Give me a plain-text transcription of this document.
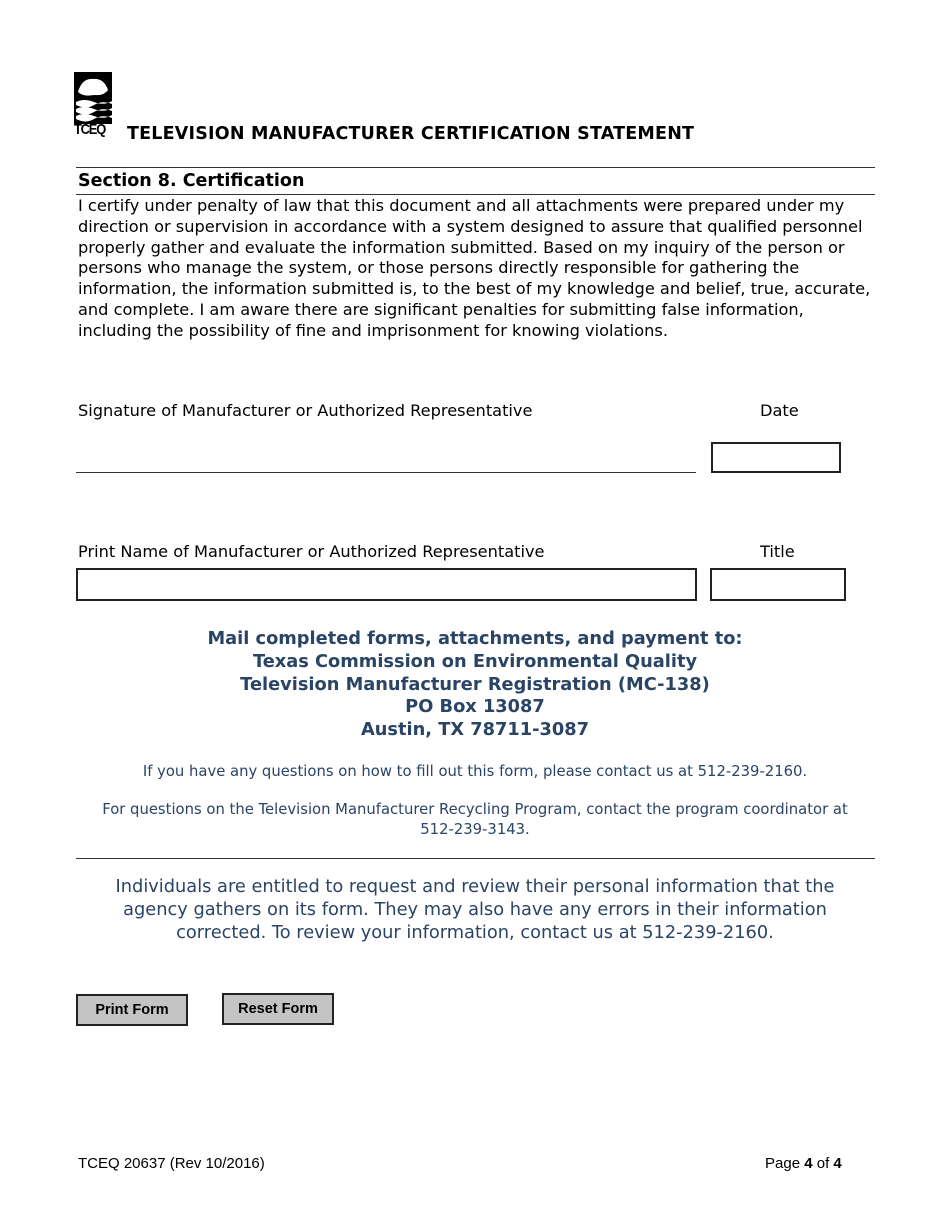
TCEQ TELEVISION MANUFACTURER CERTIFICATION STATEMENT
Section 8. Certification
I certify under penalty of law that this document and all attachments were prepared under my direction or supervision in accordance with a system designed to assure that qualified personnel properly gather and evaluate the information submitted. Based on my inquiry of the person or persons who manage the system, or those persons directly responsible for gathering the information, the information submitted is, to the best of my knowledge and belief, true, accurate, and complete. I am aware there are significant penalties for submitting false information, including the possibility of fine and imprisonment for knowing violations.
Signature of Manufacturer or Authorized Representative	Date
Print Name of Manufacturer or Authorized Representative	Title
Mail completed forms, attachments, and payment to:
Texas Commission on Environmental Quality
Television Manufacturer Registration (MC-138)
PO Box 13087
Austin, TX 78711-3087
If you have any questions on how to fill out this form, please contact us at 512-239-2160.
For questions on the Television Manufacturer Recycling Program, contact the program coordinator at
512-239-3143.
Individuals are entitled to request and review their personal information that the
agency gathers on its form. They may also have any errors in their information
corrected. To review your information, contact us at 512-239-2160.
Print Form	Reset Form
TCEQ 20637 (Rev 10/2016)	Page 4 of 4
